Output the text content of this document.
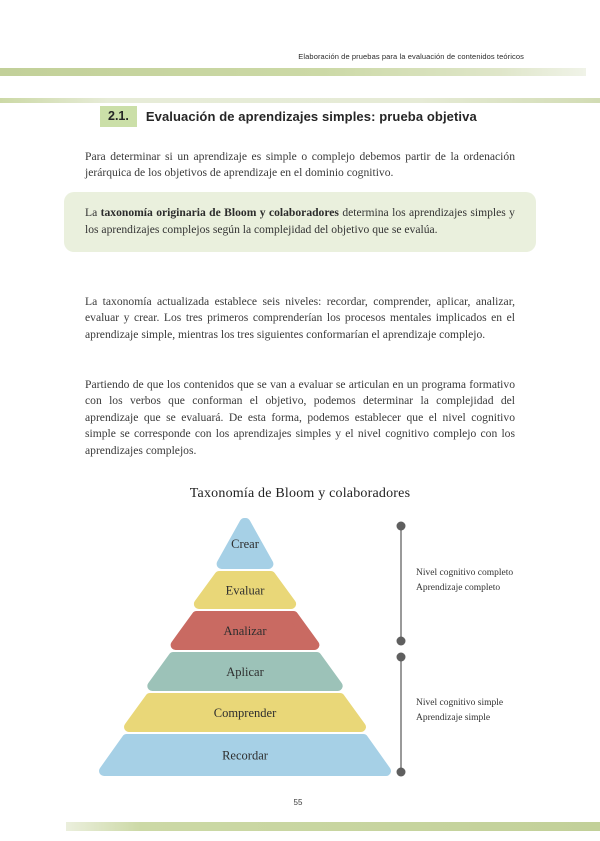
Elaboración de pruebas para la evaluación de contenidos teóricos
2.1.	Evaluación de aprendizajes simples: prueba objetiva

Para determinar si un aprendizaje es simple o complejo debemos partir de la ordenación jerárquica de los objetivos de aprendizaje en el dominio cognitivo.

La taxonomía originaria de Bloom y colaboradores determina los aprendizajes simples y los aprendizajes complejos según la complejidad del objetivo que se evalúa.

La taxonomía actualizada establece seis niveles: recordar, comprender, aplicar, analizar, evaluar y crear. Los tres primeros comprenderían los procesos mentales implicados en el aprendizaje simple, mientras los tres siguientes conformarían el aprendizaje complejo.

Partiendo de que los contenidos que se van a evaluar se articulan en un programa formativo con los verbos que conforman el objetivo, podemos determinar la complejidad del aprendizaje que se evaluará. De esta forma, podemos establecer que el nivel cognitivo simple se corresponde con los aprendizajes simples y el nivel cognitivo complejo con los aprendizajes complejos.

Taxonomía de Bloom y colaboradores
Crear
Evaluar
Analizar
Aplicar
Comprender
Recordar
Nivel cognitivo completo
Aprendizaje completo
Nivel cognitivo simple
Aprendizaje simple
55
